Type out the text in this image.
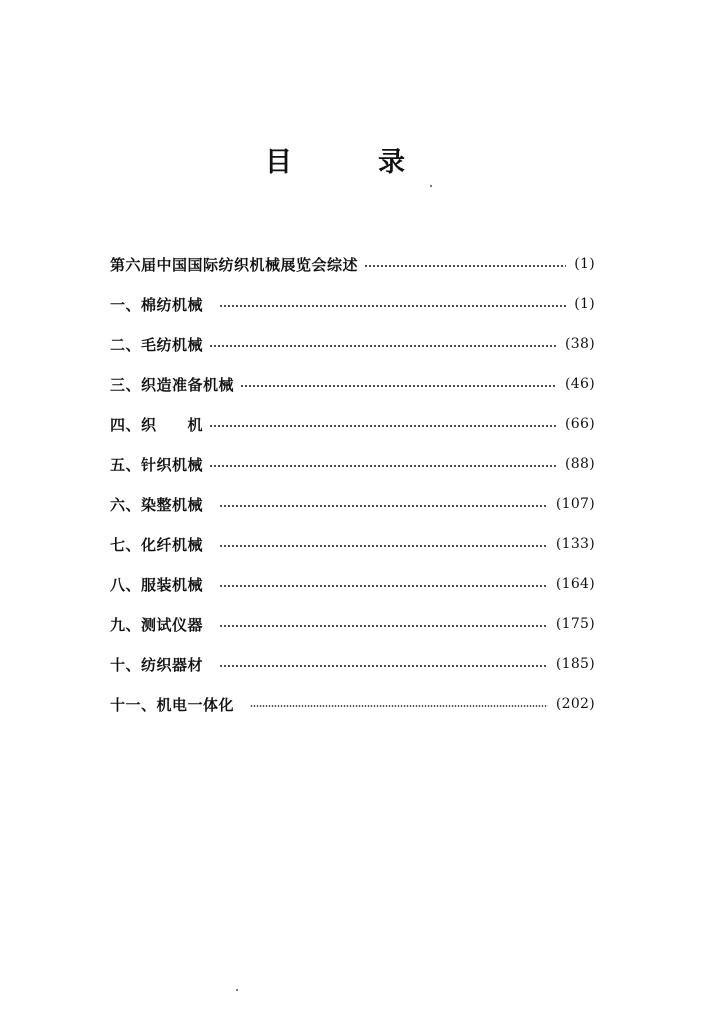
目	录
第六届中国国际纺织机械展览会综述	(1)
一、棉纺机械	(1)
二、毛纺机械	(38)
三、织造准备机械	(46)
四、织　　机	(66)
五、针织机械	(88)
六、染整机械	(107)
七、化纤机械	(133)
八、服装机械	(164)
九、测试仪器	(175)
十、纺织器材	(185)
十一、机电一体化	(202)
